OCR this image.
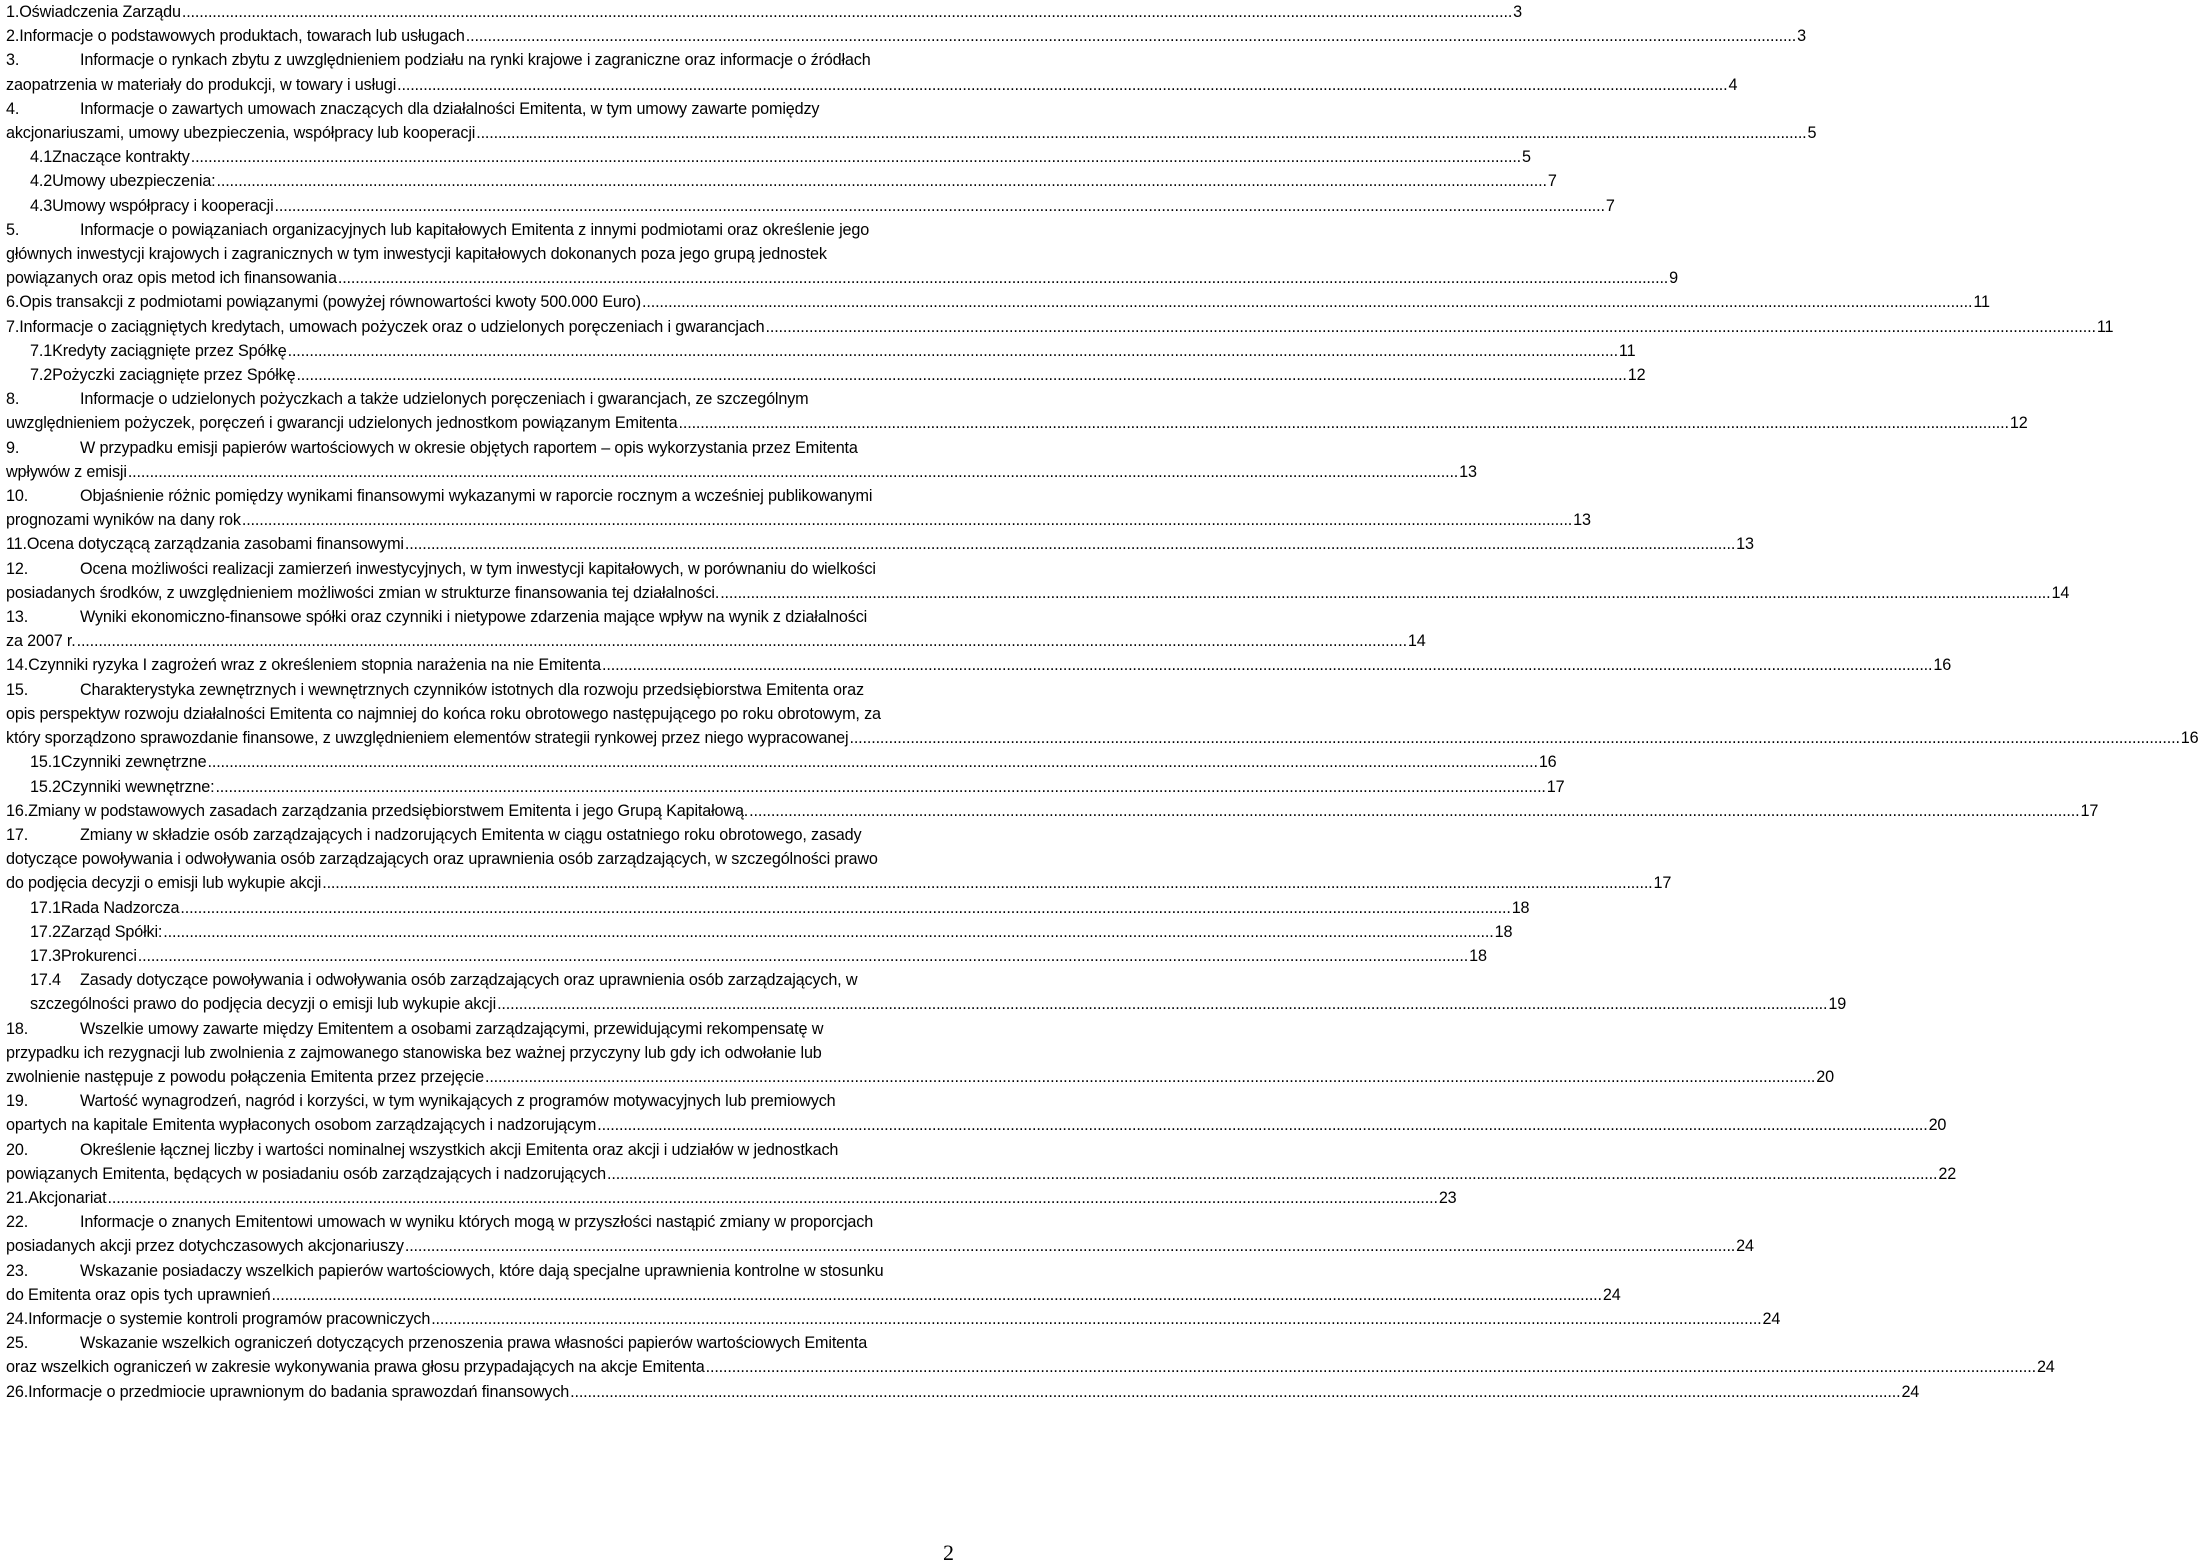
1. Oświadczenia Zarządu .....	3
2. Informacje o podstawowych produktach, towarach lub usługach .....	3
3.	Informacje o rynkach zbytu z uwzględnieniem podziału na rynki krajowe i zagraniczne oraz informacje o źródłach
zaopatrzenia w materiały do produkcji, w towary i usługi .....	4
4.	Informacje o zawartych umowach znaczących dla działalności Emitenta, w tym umowy zawarte pomiędzy
akcjonariuszami, umowy ubezpieczenia, współpracy lub kooperacji .....	5
4.1 Znaczące kontrakty .....	5
4.2 Umowy ubezpieczenia: .....	7
4.3 Umowy współpracy i kooperacji .....	7
5.	Informacje o powiązaniach organizacyjnych lub kapitałowych Emitenta z innymi podmiotami oraz określenie jego
głównych inwestycji krajowych i zagranicznych w tym inwestycji kapitałowych dokonanych poza jego grupą jednostek
powiązanych oraz opis metod ich finansowania .....	9
6. Opis transakcji z podmiotami powiązanymi (powyżej równowartości kwoty 500.000 Euro) .....	11
7. Informacje o zaciągniętych kredytach, umowach pożyczek oraz o udzielonych poręczeniach i gwarancjach .....	11
7.1 Kredyty zaciągnięte przez Spółkę .....	11
7.2 Pożyczki zaciągnięte przez Spółkę .....	12
8.	Informacje o udzielonych pożyczkach a także udzielonych poręczeniach i gwarancjach, ze szczególnym
uwzględnieniem pożyczek, poręczeń i gwarancji udzielonych jednostkom powiązanym Emitenta .....	12
9.	W przypadku emisji papierów wartościowych w okresie objętych raportem – opis wykorzystania przez Emitenta
wpływów z emisji .....	13
10.	Objaśnienie różnic pomiędzy wynikami finansowymi wykazanymi w raporcie rocznym a wcześniej publikowanymi
prognozami wyników na dany rok .....	13
11. Ocena dotyczącą zarządzania zasobami finansowymi .....	13
12.	Ocena możliwości realizacji zamierzeń inwestycyjnych, w tym inwestycji kapitałowych, w porównaniu do wielkości
posiadanych środków, z uwzględnieniem możliwości zmian w strukturze finansowania tej działalności. .....	14
13.	Wyniki ekonomiczno-finansowe spółki oraz czynniki i nietypowe zdarzenia mające wpływ na wynik z działalności
za 2007 r. .....	14
14. Czynniki ryzyka I zagrożeń wraz z określeniem stopnia narażenia na nie Emitenta .....	16
15.	Charakterystyka zewnętrznych i wewnętrznych czynników istotnych dla rozwoju przedsiębiorstwa Emitenta oraz
opis perspektyw rozwoju działalności Emitenta co najmniej do końca roku obrotowego następującego po roku obrotowym, za
który sporządzono sprawozdanie finansowe, z uwzględnieniem elementów strategii rynkowej przez niego wypracowanej .....	16
15.1 Czynniki zewnętrzne .....	16
15.2 Czynniki wewnętrzne: .....	17
16. Zmiany w podstawowych zasadach zarządzania przedsiębiorstwem Emitenta i jego Grupą Kapitałową. .....	17
17.	Zmiany w składzie osób zarządzających i nadzorujących Emitenta w ciągu ostatniego roku obrotowego, zasady
dotyczące powoływania i odwoływania osób zarządzających oraz uprawnienia osób zarządzających, w szczególności prawo
do podjęcia decyzji o emisji lub wykupie akcji .....	17
17.1 Rada Nadzorcza .....	18
17.2 Zarząd Spółki: .....	18
17.3 Prokurenci .....	18
17.4 Zasady dotyczące powoływania i odwoływania osób zarządzających oraz uprawnienia osób zarządzających, w
szczególności prawo do podjęcia decyzji o emisji lub wykupie akcji .....	19
18.	Wszelkie umowy zawarte między Emitentem a osobami zarządzającymi, przewidującymi rekompensatę w
przypadku ich rezygnacji lub zwolnienia z zajmowanego stanowiska bez ważnej przyczyny lub gdy ich odwołanie lub
zwolnienie następuje z powodu połączenia Emitenta przez przejęcie .....	20
19.	Wartość wynagrodzeń, nagród i korzyści, w tym wynikających z programów motywacyjnych lub premiowych
opartych na kapitale Emitenta wypłaconych osobom zarządzających i nadzorującym .....	20
20.	Określenie łącznej liczby i wartości nominalnej wszystkich akcji Emitenta oraz akcji i udziałów w jednostkach
powiązanych Emitenta, będących w posiadaniu osób zarządzających i nadzorujących .....	22
21. Akcjonariat .....	23
22.	Informacje o znanych Emitentowi umowach w wyniku których mogą w przyszłości nastąpić zmiany w proporcjach
posiadanych akcji przez dotychczasowych akcjonariuszy .....	24
23.	Wskazanie posiadaczy wszelkich papierów wartościowych, które dają specjalne uprawnienia kontrolne w stosunku
do Emitenta oraz opis tych uprawnień .....	24
24. Informacje o systemie kontroli programów pracowniczych .....	24
25.	Wskazanie wszelkich ograniczeń dotyczących przenoszenia prawa własności papierów wartościowych Emitenta
oraz wszelkich ograniczeń w zakresie wykonywania prawa głosu przypadających na akcje Emitenta .....	24
26. Informacje o przedmiocie uprawnionym do badania sprawozdań finansowych .....	24
2
